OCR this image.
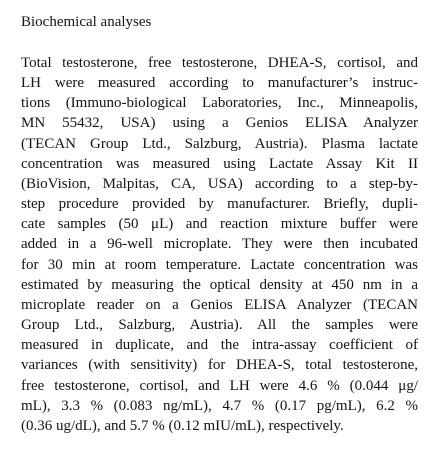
Biochemical analyses
Total testosterone, free testosterone, DHEA-S, cortisol, and
LH were measured according to manufacturer’s instruc-
tions (Immuno-biological Laboratories, Inc., Minneapolis,
MN 55432, USA) using a Genios ELISA Analyzer
(TECAN Group Ltd., Salzburg, Austria). Plasma lactate
concentration was measured using Lactate Assay Kit II
(BioVision, Malpitas, CA, USA) according to a step-by-
step procedure provided by manufacturer. Briefly, dupli-
cate samples (50 μL) and reaction mixture buffer were
added in a 96-well microplate. They were then incubated
for 30 min at room temperature. Lactate concentration was
estimated by measuring the optical density at 450 nm in a
microplate reader on a Genios ELISA Analyzer (TECAN
Group Ltd., Salzburg, Austria). All the samples were
measured in duplicate, and the intra-assay coefficient of
variances (with sensitivity) for DHEA-S, total testosterone,
free testosterone, cortisol, and LH were 4.6 % (0.044 μg/
mL), 3.3 % (0.083 ng/mL), 4.7 % (0.17 pg/mL), 6.2 %
(0.36 ug/dL), and 5.7 % (0.12 mIU/mL), respectively.
